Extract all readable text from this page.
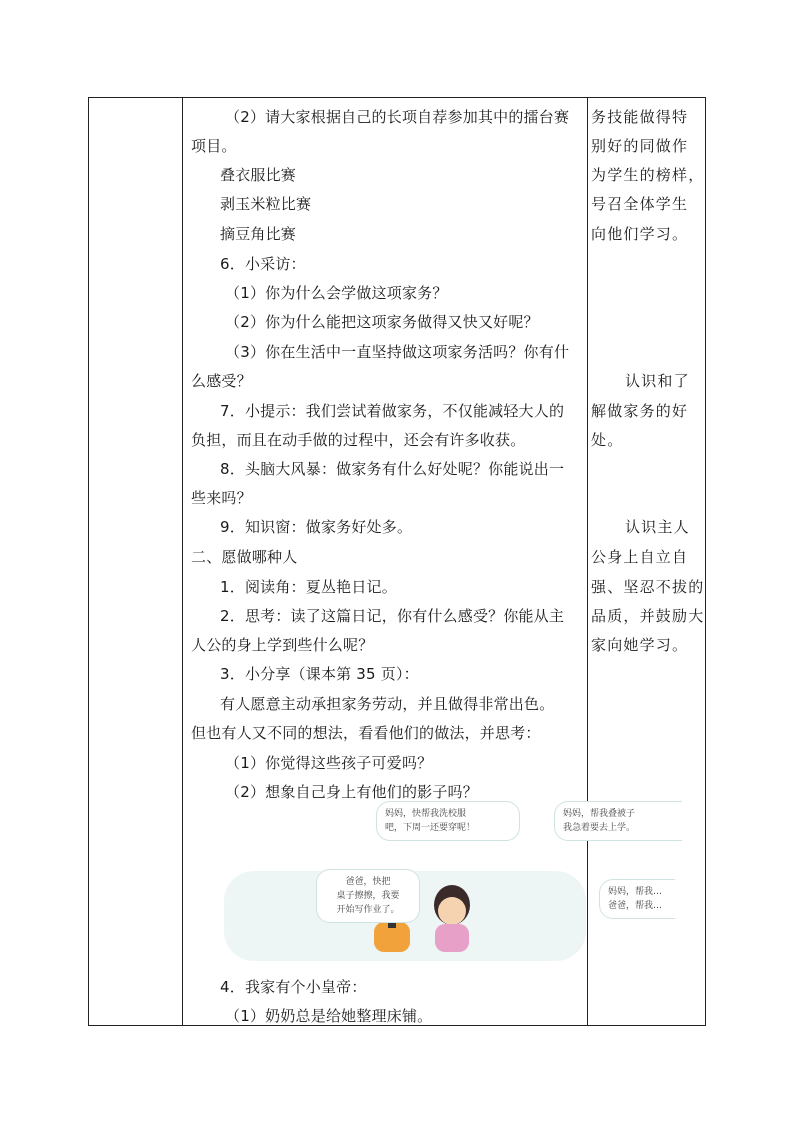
（2）请大家根据自己的长项自荐参加其中的擂台赛
项目。
叠衣服比赛
剥玉米粒比赛
摘豆角比赛
6．小采访：
（1）你为什么会学做这项家务？
（2）你为什么能把这项家务做得又快又好呢？
（3）你在生活中一直坚持做这项家务活吗？你有什
么感受？
7．小提示：我们尝试着做家务，不仅能减轻大人的
负担，而且在动手做的过程中，还会有许多收获。
8．头脑大风暴：做家务有什么好处呢？你能说出一
些来吗？
9．知识窗：做家务好处多。
二、愿做哪种人
1．阅读角：夏丛艳日记。
2．思考：读了这篇日记，你有什么感受？你能从主
人公的身上学到些什么呢？
3．小分享（课本第 35 页）：
有人愿意主动承担家务劳动，并且做得非常出色。
但也有人又不同的想法，看看他们的做法，并思考：
（1）你觉得这些孩子可爱吗？
（2）想象自己身上有他们的影子吗？
4．我家有个小皇帝：
（1）奶奶总是给她整理床铺。
妈妈，快帮我洗校服
吧，下周一还要穿呢！
妈妈，帮我叠被子
我急着要去上学。
爸爸，快把
桌子擦擦，我要
开始写作业了。
妈妈，帮我…
爸爸，帮我…
务技能做得特
别好的同做作
为学生的榜样，
号召全体学生
向他们学习。
认识和了
解做家务的好
处。
认识主人
公身上自立自
强、坚忍不拔的
品质，并鼓励大
家向她学习。
